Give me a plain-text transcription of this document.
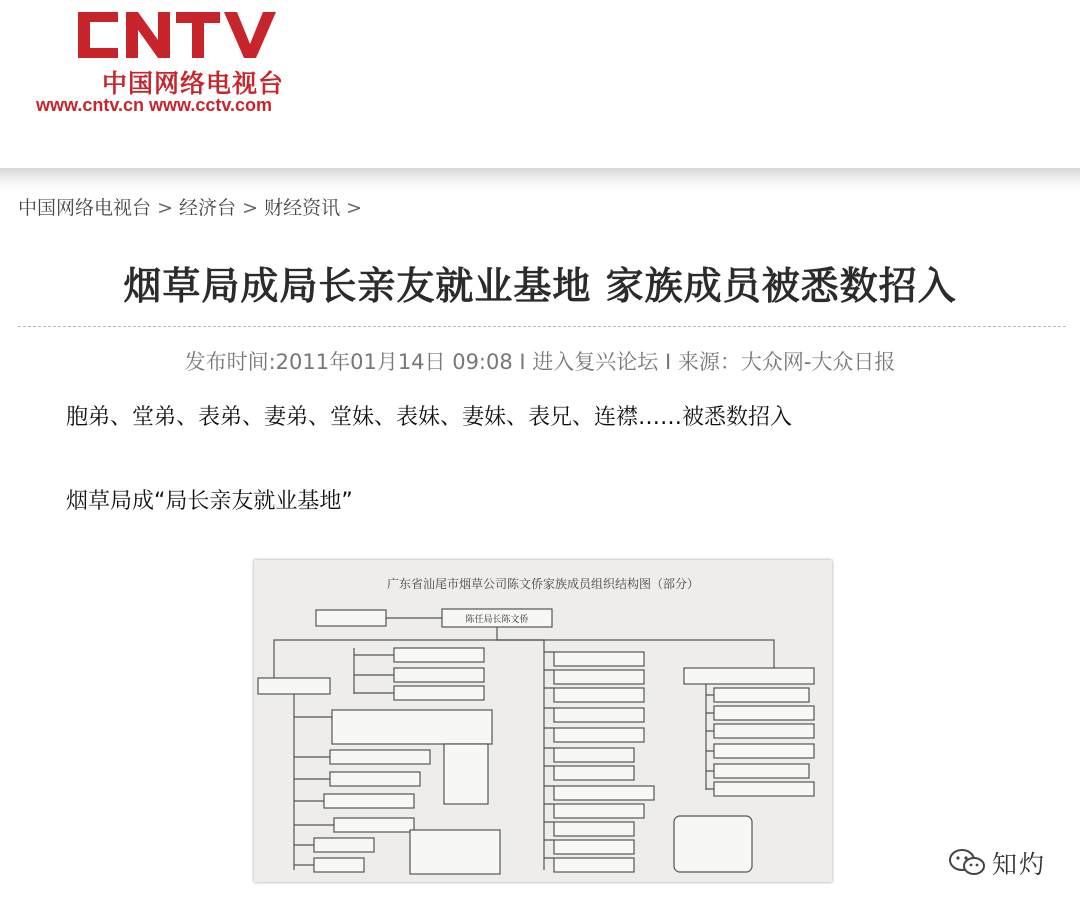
CNTV
中国网络电视台
www.cntv.cn www.cctv.com
中国网络电视台 > 经济台 > 财经资讯 >
烟草局成局长亲友就业基地 家族成员被悉数招入
发布时间:2011年01月14日 09:08 I 进入复兴论坛 I 来源：大众网-大众日报
胞弟、堂弟、表弟、妻弟、堂妹、表妹、妻妹、表兄、连襟……被悉数招入
烟草局成“局长亲友就业基地”
广东省汕尾市烟草公司陈文侨家族成员组织结构图（部分）
陈任局长陈文侨
知灼
